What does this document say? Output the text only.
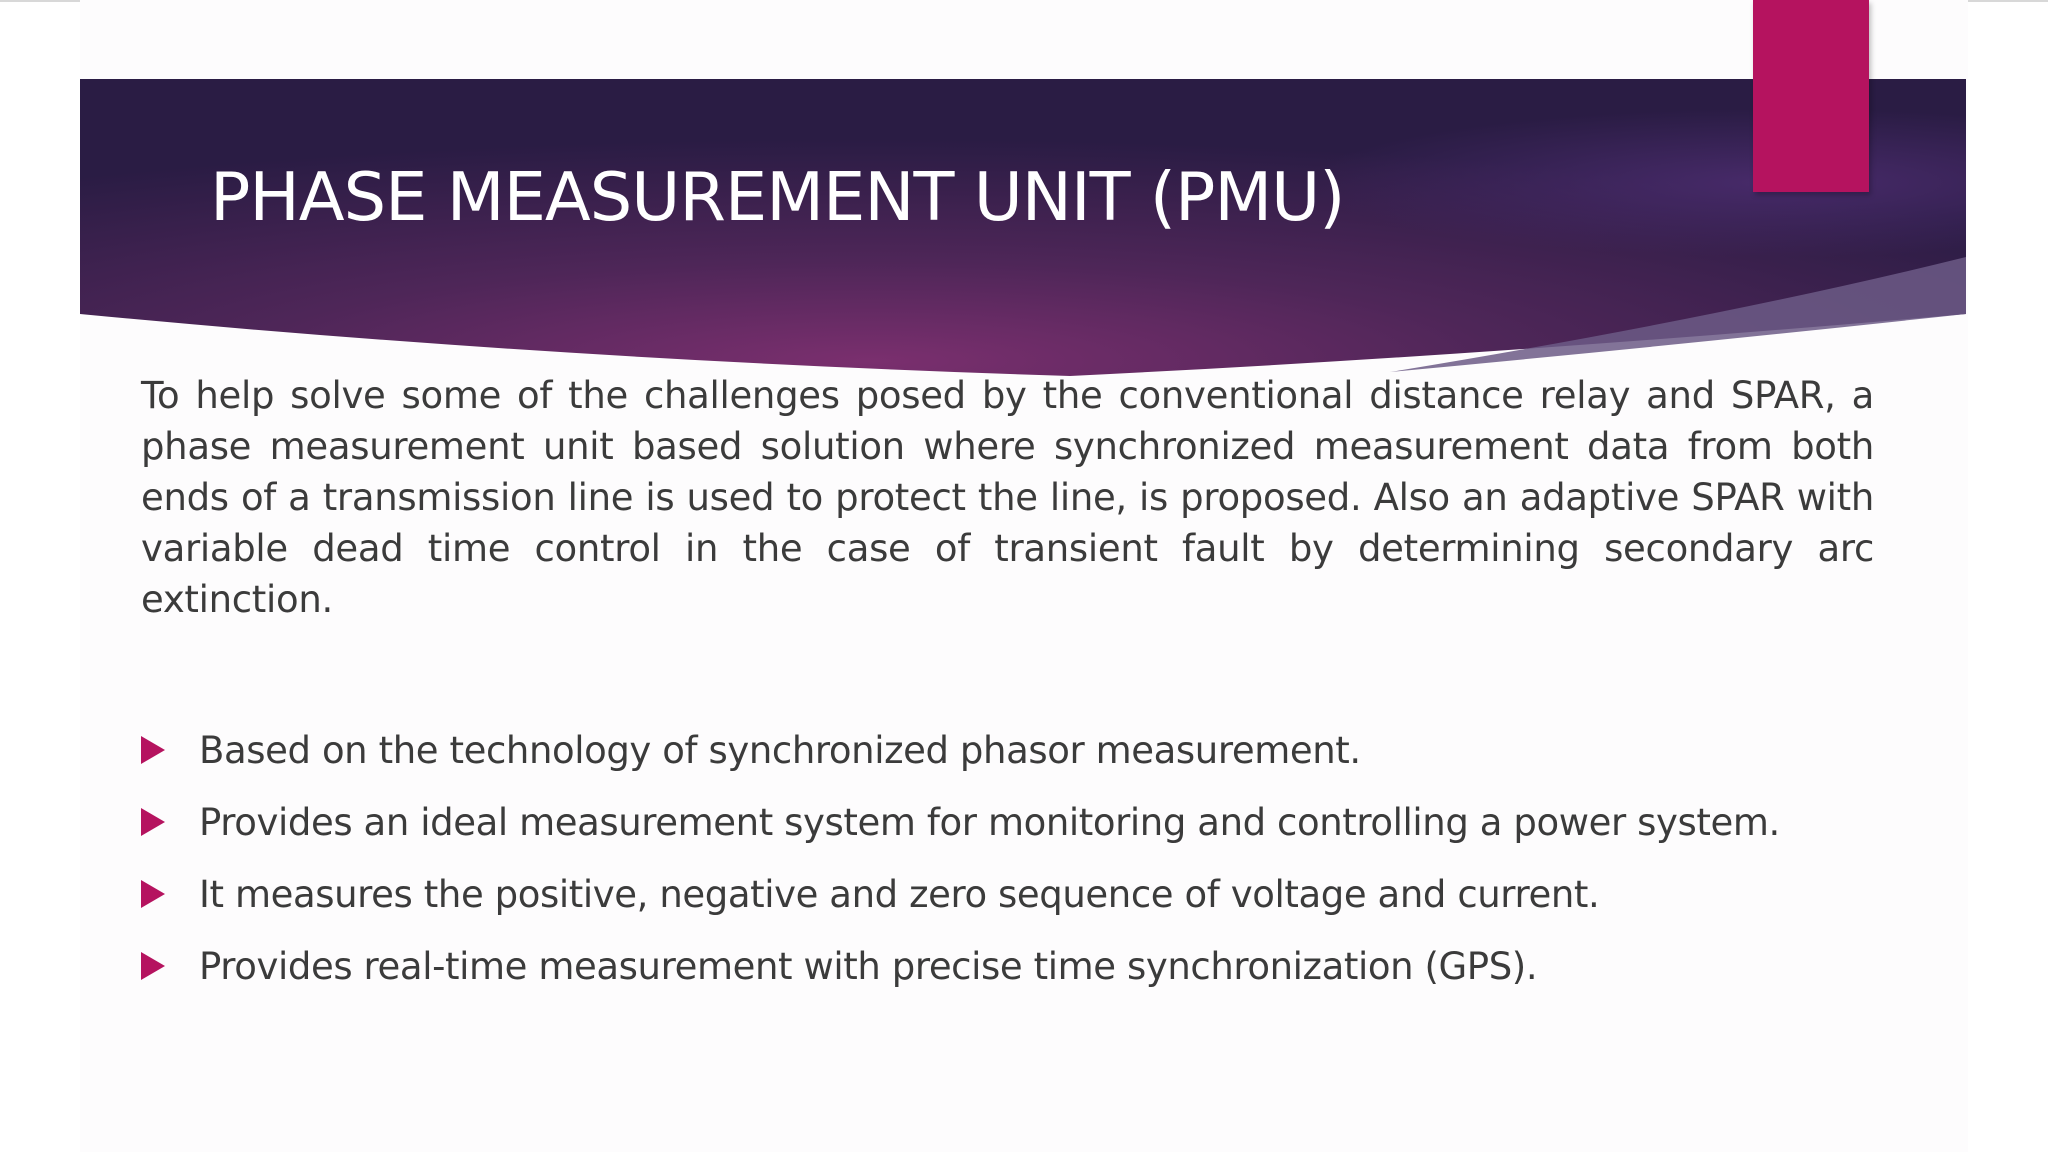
PHASE MEASUREMENT UNIT (PMU)

To help solve some of the challenges posed by the conventional distance relay and SPAR, a phase measurement unit based solution where synchronized measurement data from both ends of a transmission line is used to protect the line, is proposed. Also an adaptive SPAR with variable dead time control in the case of transient fault by determining secondary arc extinction.

Based on the technology of synchronized phasor measurement.
Provides an ideal measurement system for monitoring and controlling a power system.
It measures the positive, negative and zero sequence of voltage and current.
Provides real-time measurement with precise time synchronization (GPS).
